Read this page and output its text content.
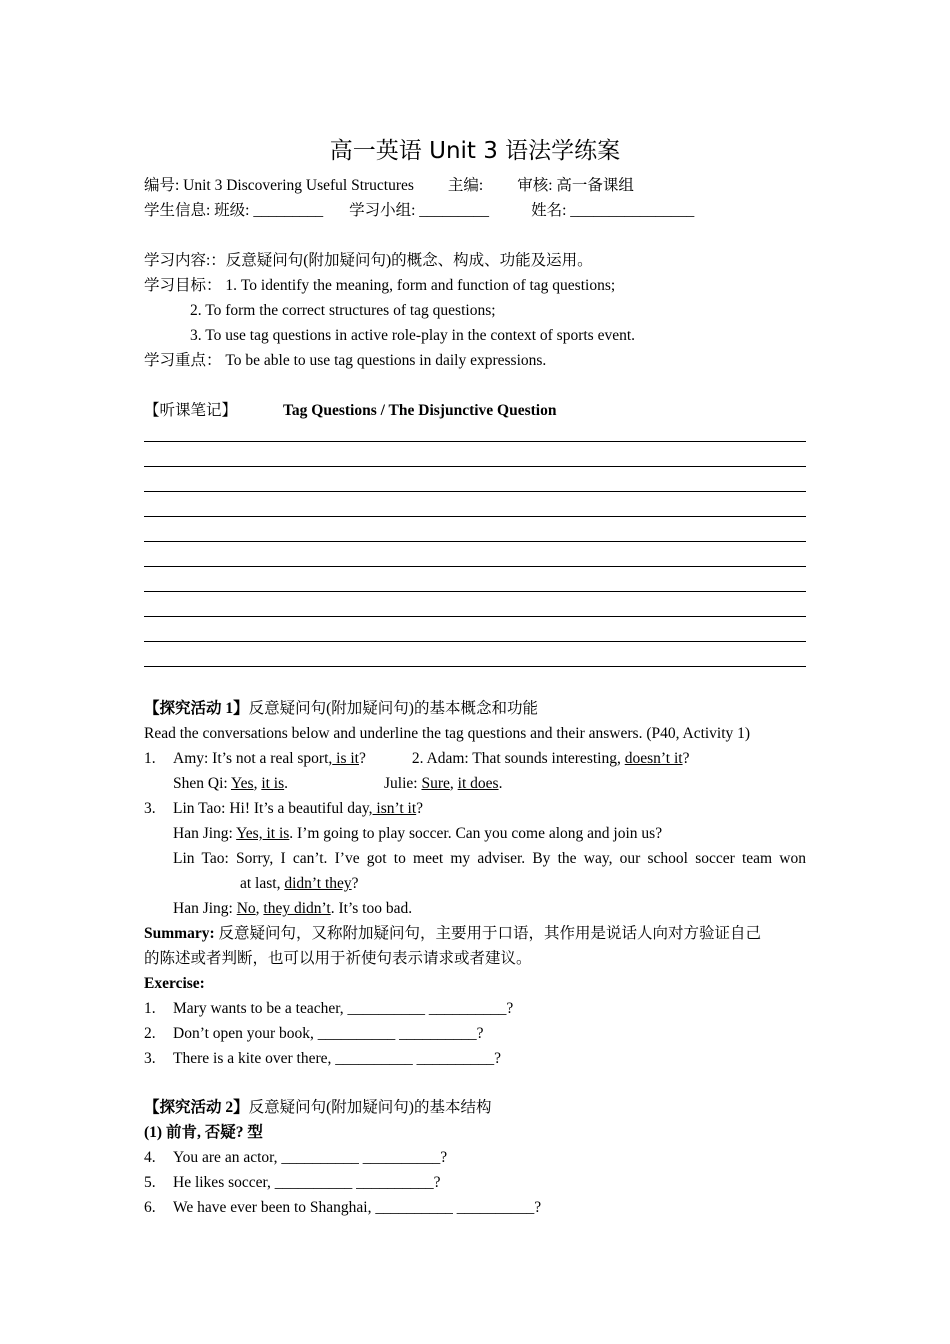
高一英语 Unit 3 语法学练案
编号: Unit 3 Discovering Useful Structures 主编: 审核: 高一备课组
学生信息: 班级: _________ 学习小组: _________	姓名: ________________
学习内容:：反意疑问句(附加疑问句)的概念、构成、功能及运用。
学习目标： 1. To identify the meaning, form and function of tag questions;
2. To form the correct structures of tag questions;
3. To use tag questions in active role-play in the context of sports event.
学习重点： To be able to use tag questions in daily expressions.
【听课笔记】	Tag Questions / The Disjunctive Question
【探究活动 1】反意疑问句(附加疑问句)的基本概念和功能
Read the conversations below and underline the tag questions and their answers. (P40, Activity 1)
1. Amy: It’s not a real sport, is it?	2. Adam: That sounds interesting, doesn’t it?
Shen Qi: Yes, it is.	Julie: Sure, it does.
3. Lin Tao: Hi! It’s a beautiful day, isn’t it?
Han Jing: Yes, it is. I’m going to play soccer. Can you come along and join us?
Lin Tao: Sorry, I can’t. I’ve got to meet my adviser. By the way, our school soccer team won
at last, didn’t they?
Han Jing: No, they didn’t. It’s too bad.
Summary: 反意疑问句，又称附加疑问句，主要用于口语，其作用是说话人向对方验证自己
的陈述或者判断，也可以用于祈使句表示请求或者建议。
Exercise:
1. Mary wants to be a teacher, __________ __________?
2. Don’t open your book, __________ __________?
3. There is a kite over there, __________ __________?
【探究活动 2】反意疑问句(附加疑问句)的基本结构
(1) 前肯, 否疑? 型
4. You are an actor, __________ __________?
5. He likes soccer, __________ __________?
6. We have ever been to Shanghai, __________ __________?
